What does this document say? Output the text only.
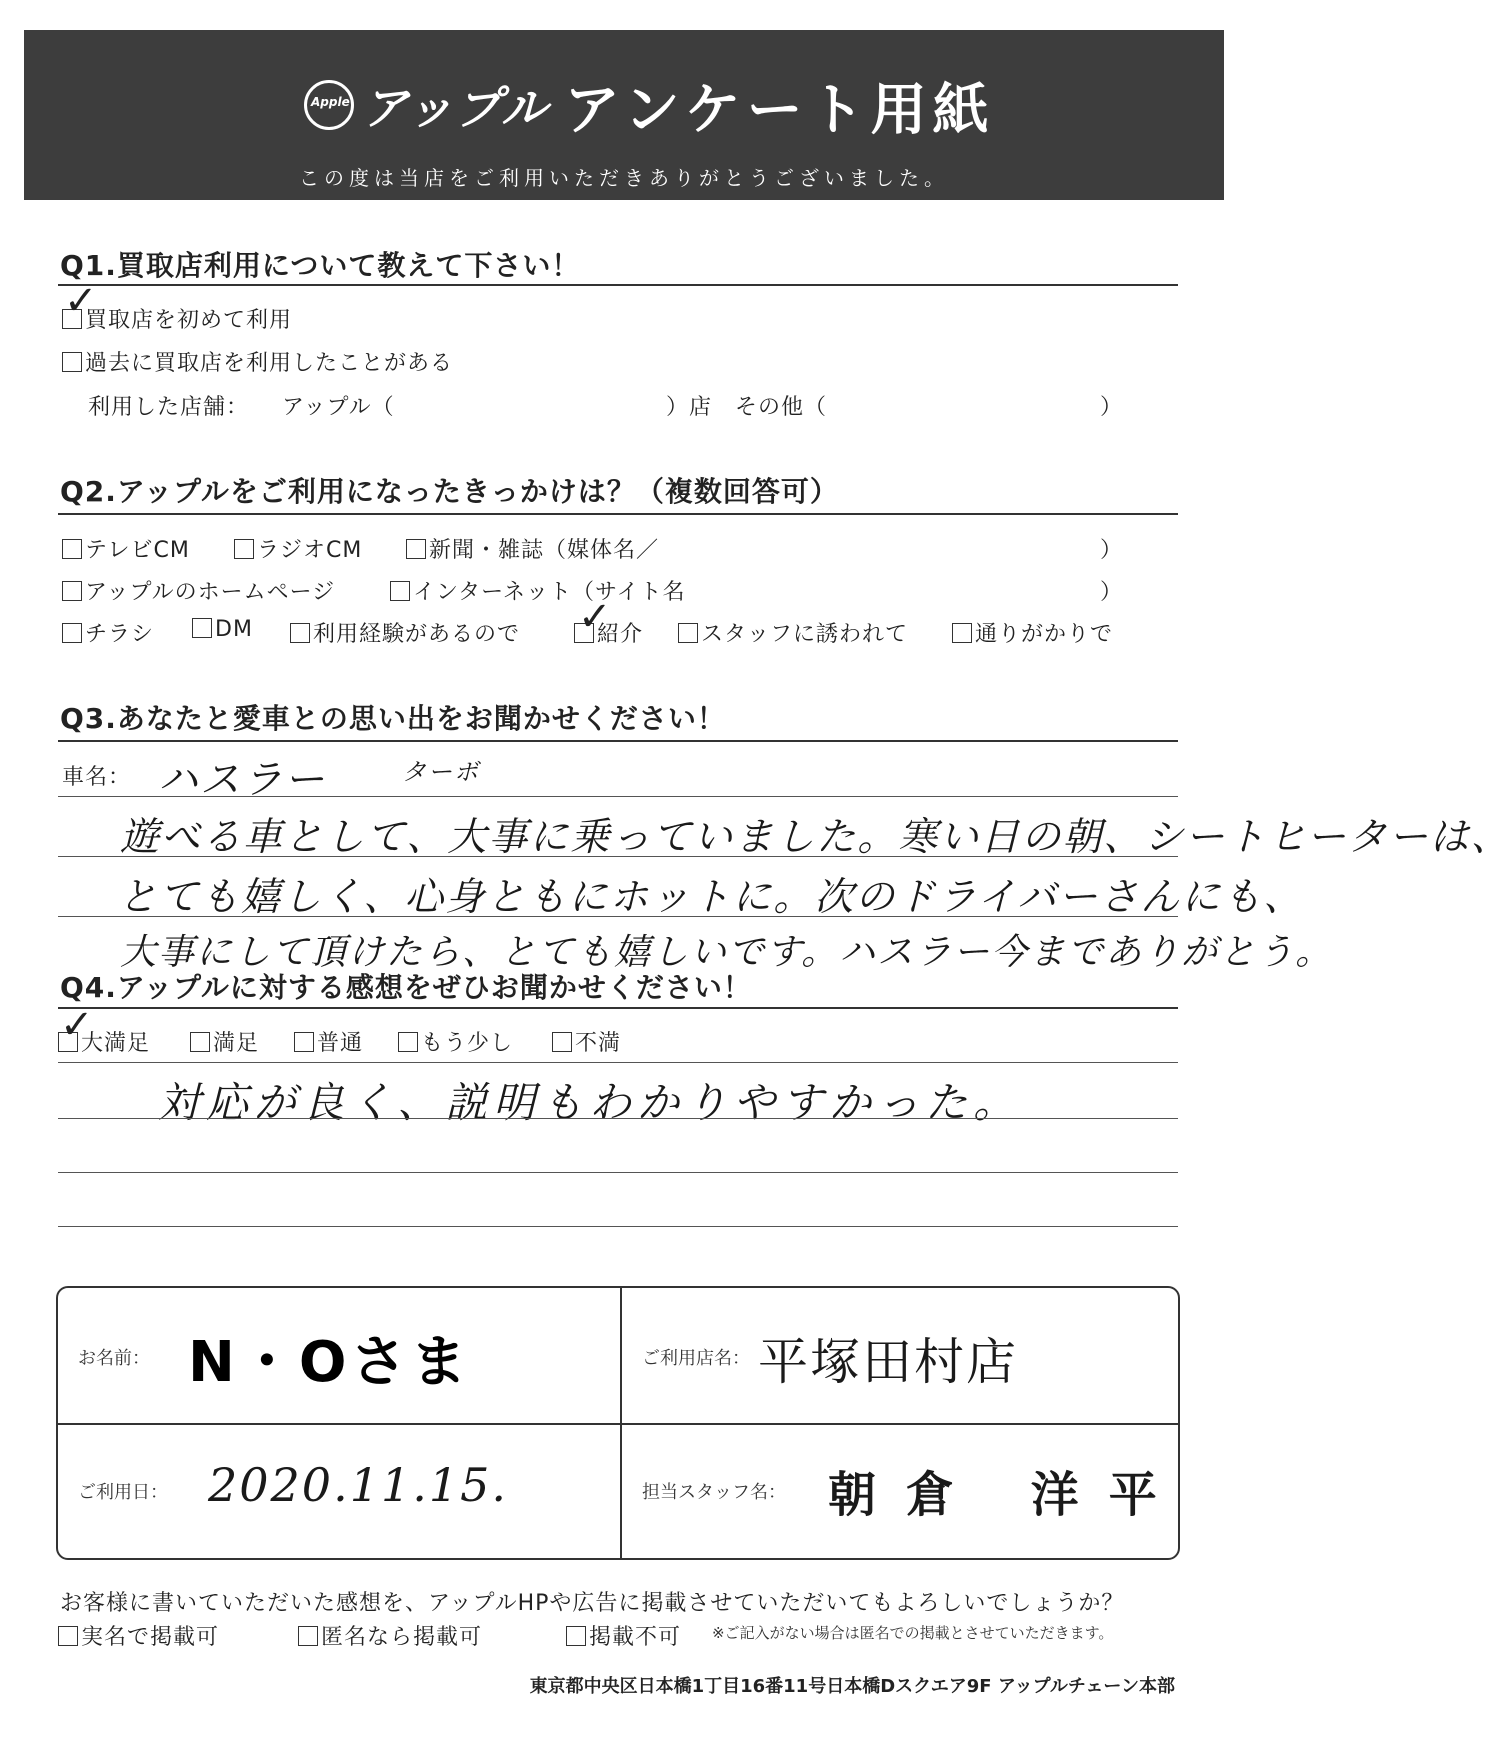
Apple アップル アンケート用紙
この度は当店をご利用いただきありがとうございました。
Q1.買取店利用について教えて下さい！
買取店を初めて利用
✓
過去に買取店を利用したことがある
利用した店舗： アップル（	）店 その他（	）
Q2.アップルをご利用になったきっかけは？（複数回答可）
テレビCM	ラジオCM	新聞・雑誌（媒体名／	）
アップルのホームページ	インターネット（サイト名	）
チラシ	DM	利用経験があるので	紹介
✓	スタッフに誘われて	通りがかりで
Q3.あなたと愛車との思い出をお聞かせください！
車名： ハスラー	ターボ
遊べる車として、大事に乗っていました。寒い日の朝、シートヒーターは、
とても嬉しく、心身ともにホットに。次のドライバーさんにも、
大事にして頂けたら、とても嬉しいです。ハスラー今までありがとう。
Q4.アップルに対する感想をぜひお聞かせください！
大満足
✓	満足	普通	もう少し	不満
対応が良く、説明もわかりやすかった。
お名前： N・Oさま	ご利用店名： 平塚田村店
ご利用日： 2020.11.15.	担当スタッフ名： 朝倉 洋平
お客様に書いていただいた感想を、アップルHPや広告に掲載させていただいてもよろしいでしょうか？
実名で掲載可	匿名なら掲載可	掲載不可 ※ご記入がない場合は匿名での掲載とさせていただきます。
東京都中央区日本橋1丁目16番11号日本橋Dスクエア9F アップルチェーン本部
